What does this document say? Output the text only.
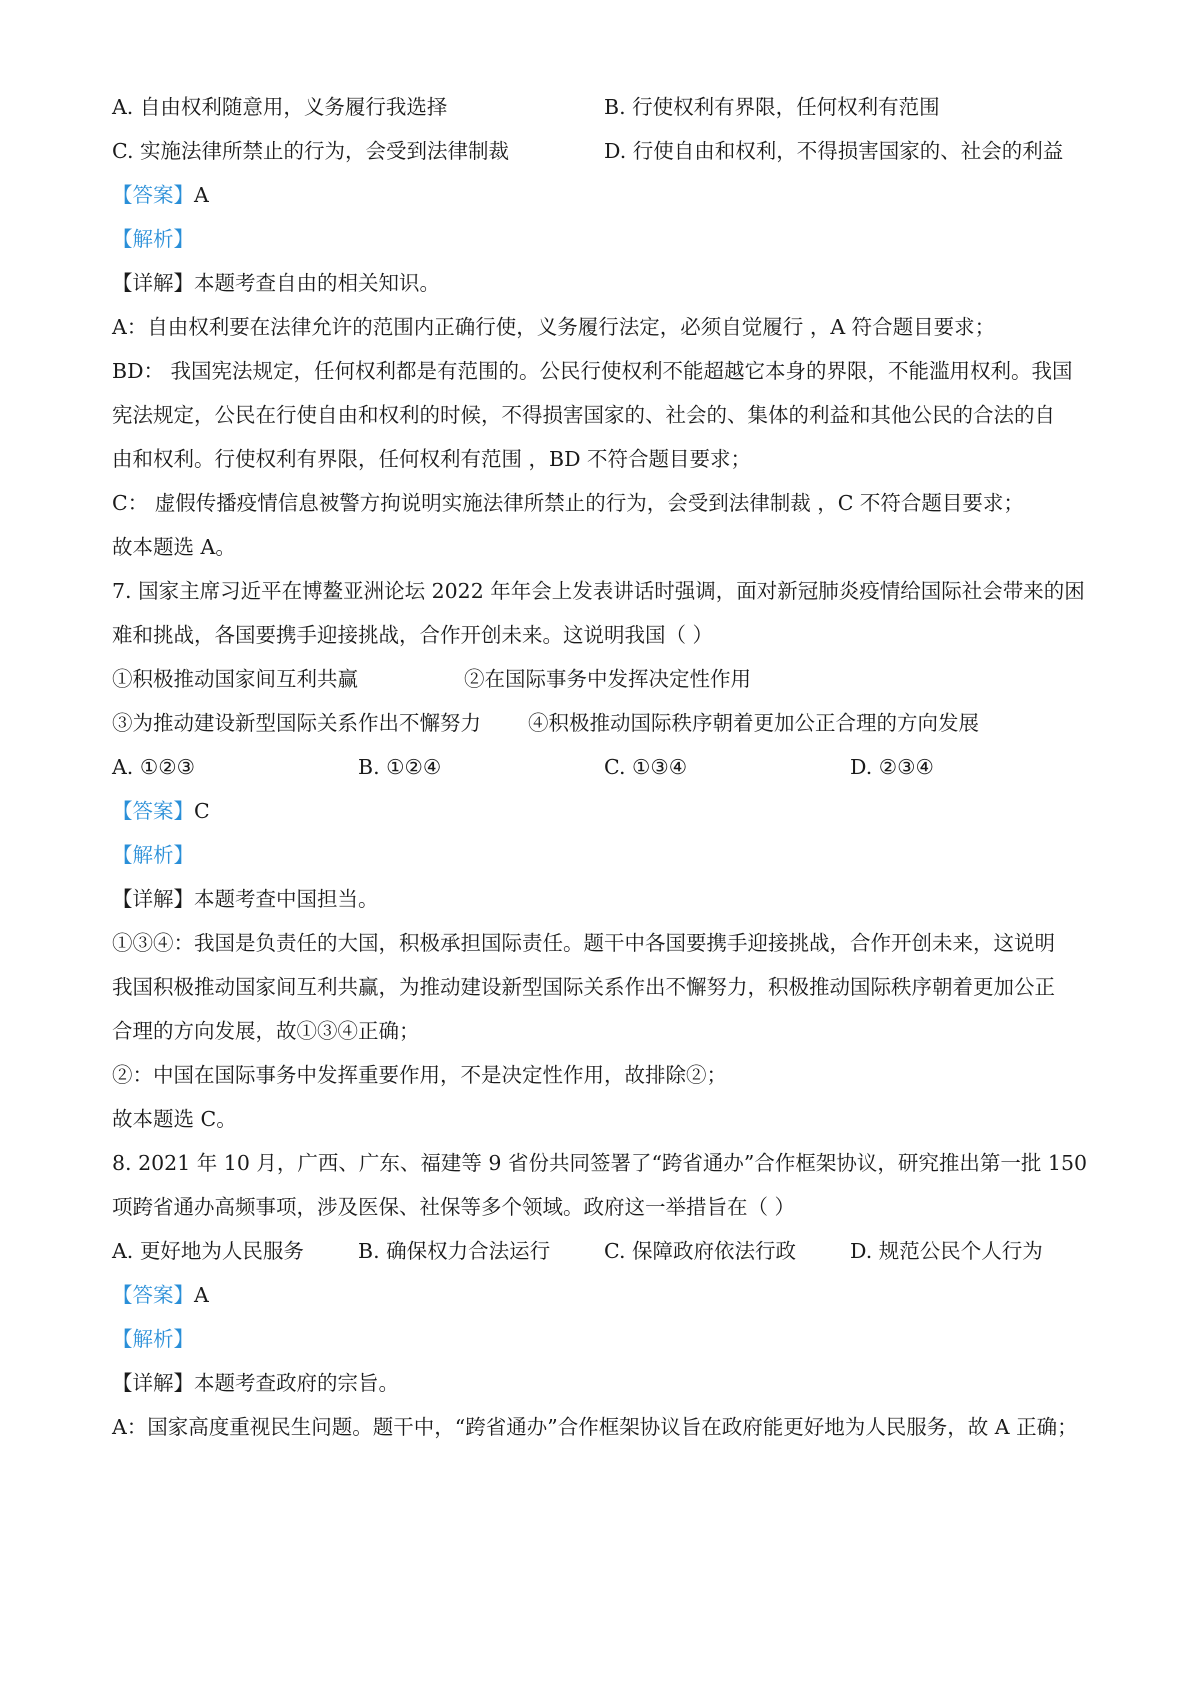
A. 自由权利随意用，义务履行我选择	B. 行使权利有界限，任何权利有范围
C. 实施法律所禁止的行为，会受到法律制裁	D. 行使自由和权利，不得损害国家的、社会的利益
【答案】A
【解析】
【详解】本题考查自由的相关知识。
A：自由权利要在法律允许的范围内正确行使，义务履行法定，必须自觉履行 ，A 符合题目要求；
BD： 我国宪法规定，任何权利都是有范围的。公民行使权利不能超越它本身的界限，不能滥用权利。我国
宪法规定，公民在行使自由和权利的时候，不得损害国家的、社会的、集体的利益和其他公民的合法的自
由和权利。行使权利有界限，任何权利有范围 ，BD 不符合题目要求；
C： 虚假传播疫情信息被警方拘说明实施法律所禁止的行为，会受到法律制裁 ，C 不符合题目要求；
故本题选 A。
7. 国家主席习近平在博鳌亚洲论坛 2022 年年会上发表讲话时强调，面对新冠肺炎疫情给国际社会带来的困
难和挑战，各国要携手迎接挑战，合作开创未来。这说明我国（ ）
①积极推动国家间互利共赢	②在国际事务中发挥决定性作用
③为推动建设新型国际关系作出不懈努力 ④积极推动国际秩序朝着更加公正合理的方向发展
A. ①②③	B. ①②④	C. ①③④	D. ②③④
【答案】C
【解析】
【详解】本题考查中国担当。
①③④：我国是负责任的大国，积极承担国际责任。题干中各国要携手迎接挑战，合作开创未来，这说明
我国积极推动国家间互利共赢，为推动建设新型国际关系作出不懈努力，积极推动国际秩序朝着更加公正
合理的方向发展，故①③④正确；
②：中国在国际事务中发挥重要作用，不是决定性作用，故排除②；
故本题选 C。
8. 2021 年 10 月，广西、广东、福建等 9 省份共同签署了“跨省通办”合作框架协议，研究推出第一批 150
项跨省通办高频事项，涉及医保、社保等多个领域。政府这一举措旨在（ ）
A. 更好地为人民服务	B. 确保权力合法运行	C. 保障政府依法行政	D. 规范公民个人行为
【答案】A
【解析】
【详解】本题考查政府的宗旨。
A：国家高度重视民生问题。题干中，“跨省通办”合作框架协议旨在政府能更好地为人民服务，故 A 正确；
